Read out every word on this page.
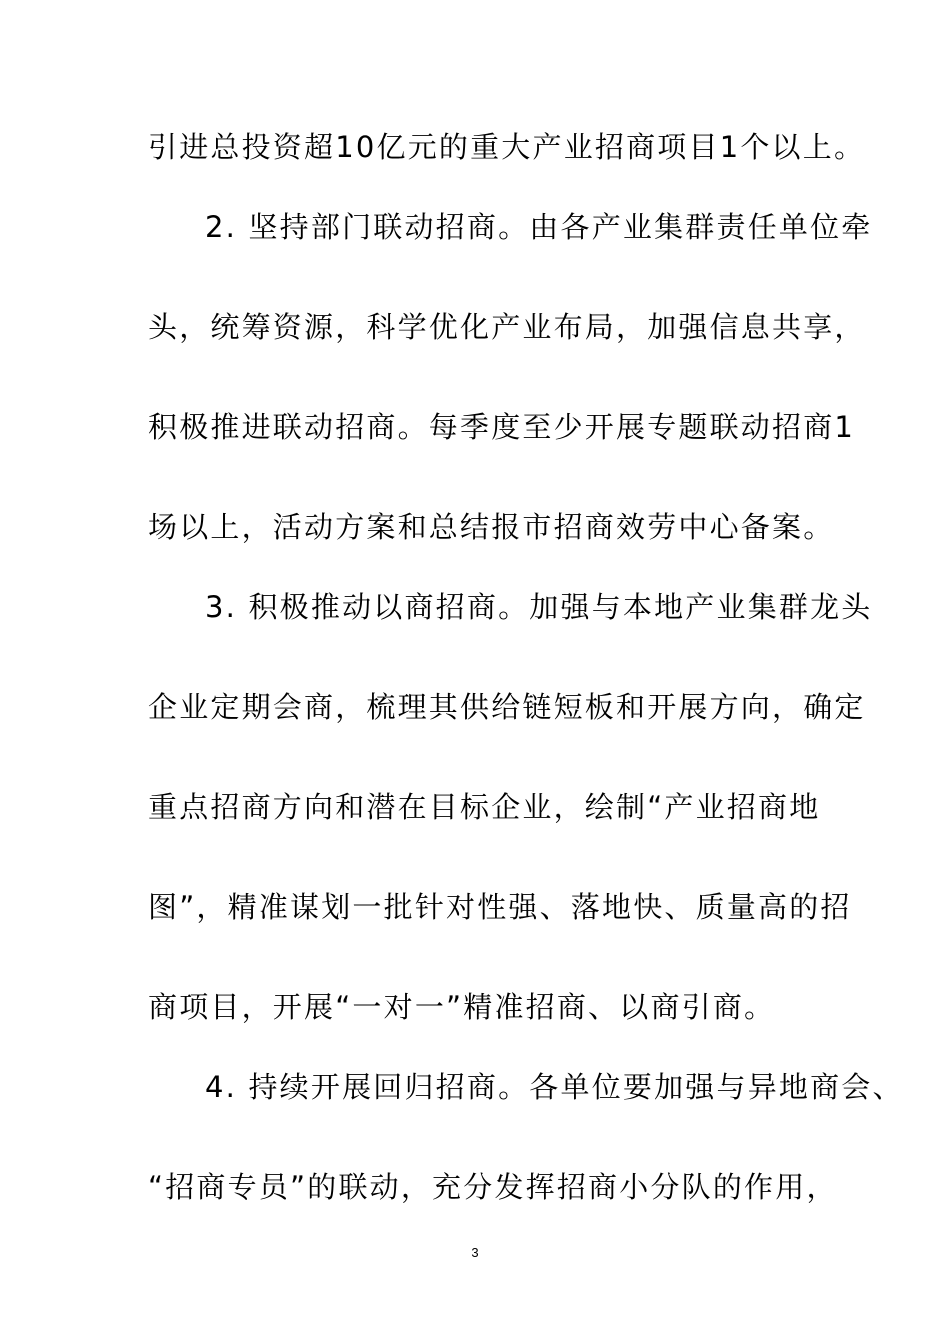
引进总投资超10亿元的重大产业招商项目1个以上。
2. 坚持部门联动招商。由各产业集群责任单位牵
头，统筹资源，科学优化产业布局，加强信息共享，
积极推进联动招商。每季度至少开展专题联动招商1
场以上，活动方案和总结报市招商效劳中心备案。
3. 积极推动以商招商。加强与本地产业集群龙头
企业定期会商，梳理其供给链短板和开展方向，确定
重点招商方向和潜在目标企业，绘制“产业招商地
图”，精准谋划一批针对性强、落地快、质量高的招
商项目，开展“一对一”精准招商、以商引商。
4. 持续开展回归招商。各单位要加强与异地商会、
“招商专员”的联动，充分发挥招商小分队的作用，
3
